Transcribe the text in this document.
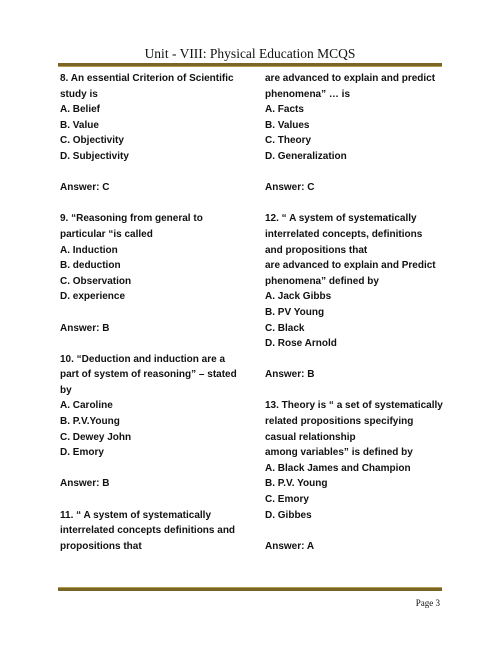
Unit - VIII: Physical Education MCQS
8. An essential Criterion of Scientific
study is
A. Belief
B. Value
C. Objectivity
D. Subjectivity
Answer: C
9. “Reasoning from general to
particular “is called
A. Induction
B. deduction
C. Observation
D. experience
Answer: B
10. “Deduction and induction are a
part of system of reasoning” – stated
by
A. Caroline
B. P.V.Young
C. Dewey John
D. Emory
Answer: B
11. “ A system of systematically
interrelated concepts definitions and
propositions that
are advanced to explain and predict
phenomena” … is
A. Facts
B. Values
C. Theory
D. Generalization
Answer: C
12. “ A system of systematically
interrelated concepts, definitions
and propositions that
are advanced to explain and Predict
phenomena” defined by
A. Jack Gibbs
B. PV Young
C. Black
D. Rose Arnold
Answer: B
13. Theory is “ a set of systematically
related propositions specifying
casual relationship
among variables” is defined by
A. Black James and Champion
B. P.V. Young
C. Emory
D. Gibbes
Answer: A
Page 3
